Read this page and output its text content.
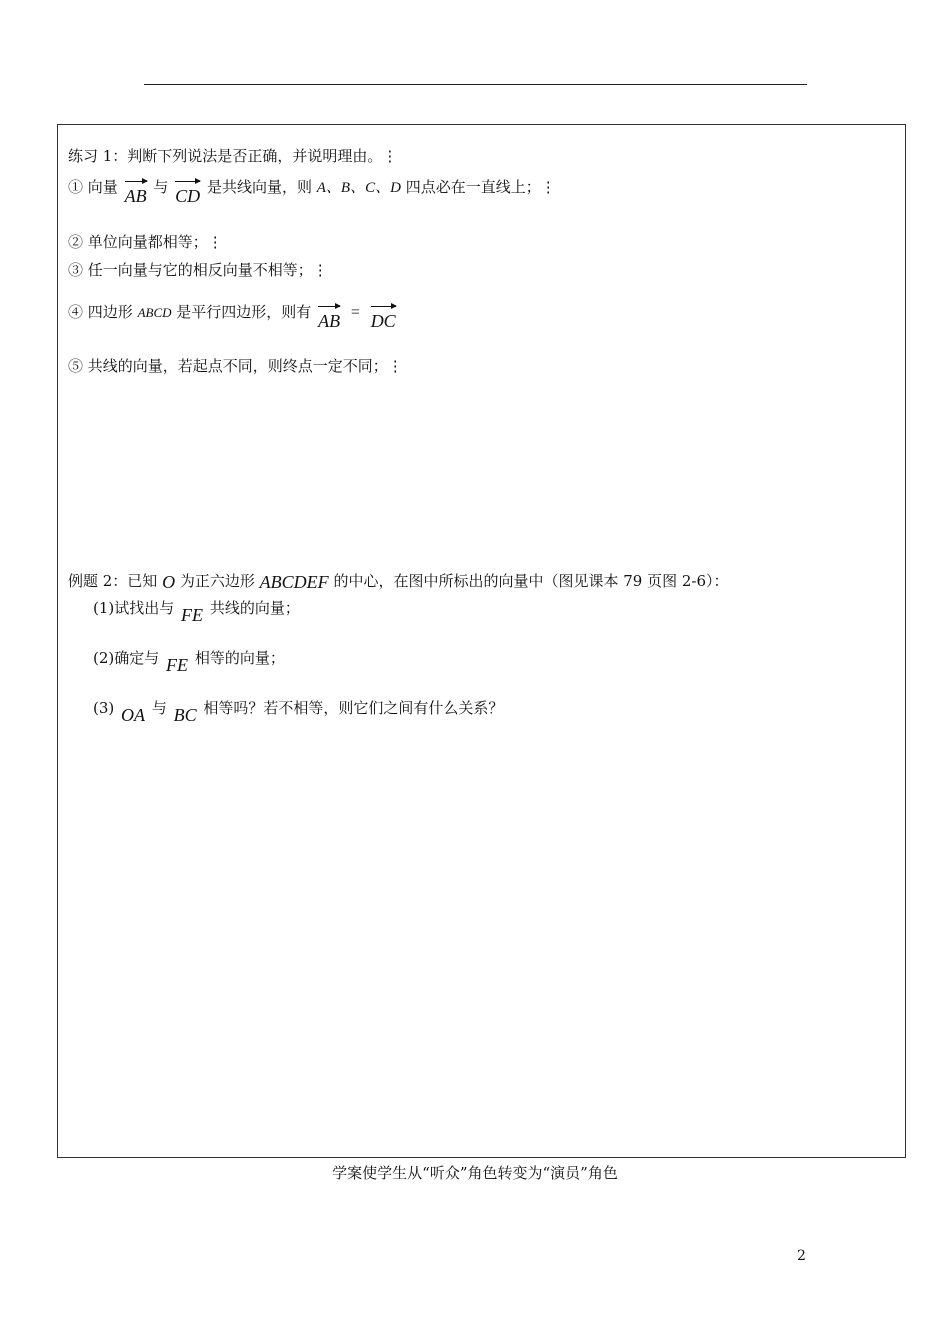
练习 1：判断下列说法是否正确，并说明理由。⋮
① 向量 AB 与 CD 是共线向量，则 A、B、C、D 四点必在一直线上；⋮
② 单位向量都相等；⋮
③ 任一向量与它的相反向量不相等；⋮
④ 四边形 ABCD 是平行四边形，则有 AB = DC
⑤ 共线的向量，若起点不同，则终点一定不同；⋮
例题 2：已知 O 为正六边形 ABCDEF 的中心，在图中所标出的向量中（图见课本 79 页图 2-6）：
(1)试找出与 FE 共线的向量；
(2)确定与 FE 相等的向量；
(3) OA 与 BC 相等吗？若不相等，则它们之间有什么关系？
学案使学生从“听众”角色转变为“演员”角色
2
